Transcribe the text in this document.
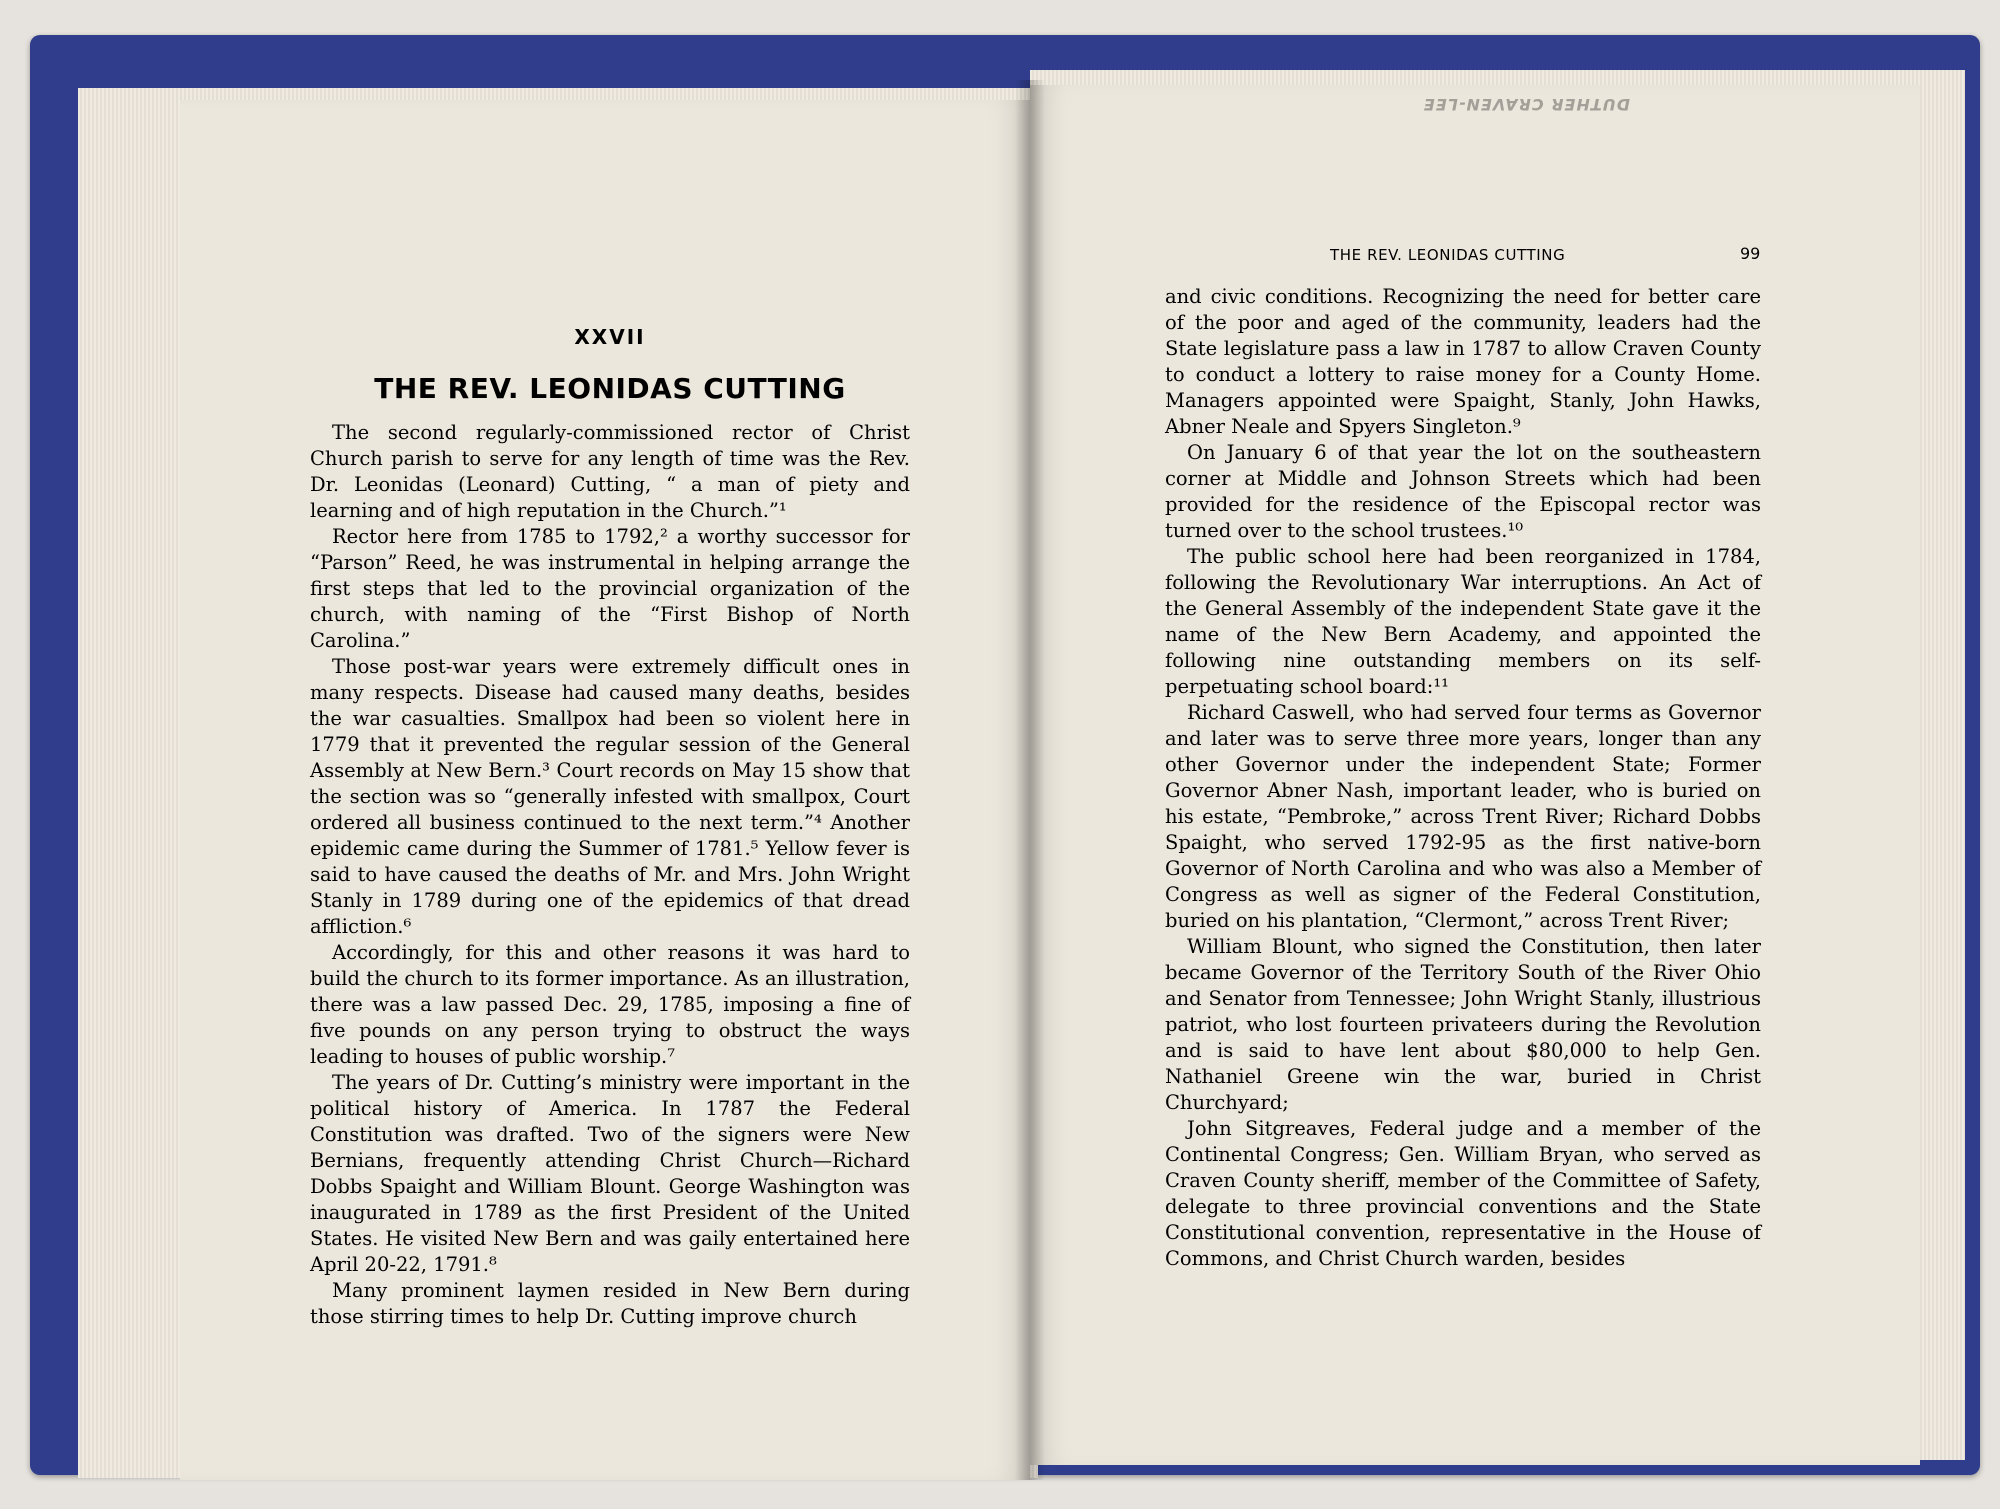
DUTHER CRAVEN-LEE
XXVII
THE REV. LEONIDAS CUTTING

The second regularly-commissioned rector of Christ Church parish to serve for any length of time was the Rev. Dr. Leonidas (Leonard) Cutting, “ a man of piety and learning and of high reputation in the Church.”¹

Rector here from 1785 to 1792,² a worthy successor for “Parson” Reed, he was instrumental in helping arrange the first steps that led to the provincial organization of the church, with naming of the “First Bishop of North Carolina.”

Those post-war years were extremely difficult ones in many respects. Disease had caused many deaths, besides the war casualties. Smallpox had been so violent here in 1779 that it prevented the regular session of the General Assembly at New Bern.³ Court records on May 15 show that the section was so “generally infested with smallpox, Court ordered all business continued to the next term.”⁴ Another epidemic came during the Summer of 1781.⁵ Yellow fever is said to have caused the deaths of Mr. and Mrs. John Wright Stanly in 1789 during one of the epidemics of that dread affliction.⁶

Accordingly, for this and other reasons it was hard to build the church to its former importance. As an illustration, there was a law passed Dec. 29, 1785, imposing a fine of five pounds on any person trying to obstruct the ways leading to houses of public worship.⁷

The years of Dr. Cutting’s ministry were important in the political history of America. In 1787 the Federal Constitution was drafted. Two of the signers were New Bernians, frequently attending Christ Church—Richard Dobbs Spaight and William Blount. George Washington was inaugurated in 1789 as the first President of the United States. He visited New Bern and was gaily entertained here April 20-22, 1791.⁸

Many prominent laymen resided in New Bern during those stirring times to help Dr. Cutting improve church

THE REV. LEONIDAS CUTTING	99

and civic conditions. Recognizing the need for better care of the poor and aged of the community, leaders had the State legislature pass a law in 1787 to allow Craven County to conduct a lottery to raise money for a County Home. Managers appointed were Spaight, Stanly, John Hawks, Abner Neale and Spyers Singleton.⁹

On January 6 of that year the lot on the southeastern corner at Middle and Johnson Streets which had been provided for the residence of the Episcopal rector was turned over to the school trustees.¹⁰

The public school here had been reorganized in 1784, following the Revolutionary War interruptions. An Act of the General Assembly of the independent State gave it the name of the New Bern Academy, and appointed the following nine outstanding members on its self-perpetuating school board:¹¹

Richard Caswell, who had served four terms as Governor and later was to serve three more years, longer than any other Governor under the independent State; Former Governor Abner Nash, important leader, who is buried on his estate, “Pembroke,” across Trent River; Richard Dobbs Spaight, who served 1792-95 as the first native-born Governor of North Carolina and who was also a Member of Congress as well as signer of the Federal Constitution, buried on his plantation, “Clermont,” across Trent River;

William Blount, who signed the Constitution, then later became Governor of the Territory South of the River Ohio and Senator from Tennessee; John Wright Stanly, illustrious patriot, who lost fourteen privateers during the Revolution and is said to have lent about $80,000 to help Gen. Nathaniel Greene win the war, buried in Christ Churchyard;

John Sitgreaves, Federal judge and a member of the Continental Congress; Gen. William Bryan, who served as Craven County sheriff, member of the Committee of Safety, delegate to three provincial conventions and the State Constitutional convention, representative in the House of Commons, and Christ Church warden, besides
